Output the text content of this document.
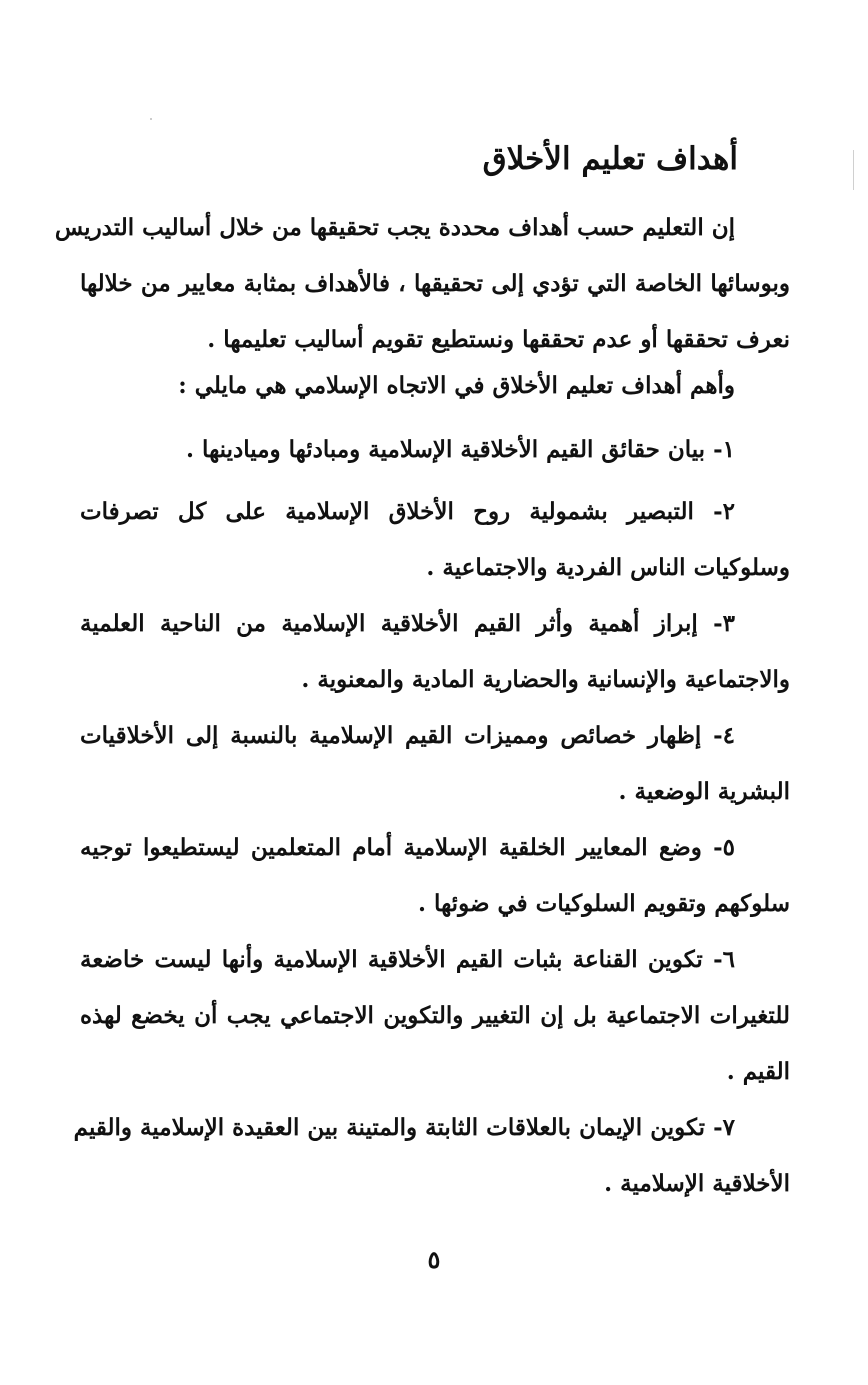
أهداف تعليم الأخلاق
إن التعليم حسب أهداف محددة يجب تحقيقها من خلال أساليب التدريس
وبوسائها الخاصة التي تؤدي إلى تحقيقها ، فالأهداف بمثابة معايير من خلالها
نعرف تحققها أو عدم تحققها ونستطيع تقويم أساليب تعليمها .
وأهم أهداف تعليم الأخلاق في الاتجاه الإسلامي هي مايلي :
١- بيان حقائق القيم الأخلاقية الإسلامية ومبادئها وميادينها .
٢- التبصير بشمولية روح الأخلاق الإسلامية على كل تصرفات
وسلوكيات الناس الفردية والاجتماعية .
٣- إبراز أهمية وأثر القيم الأخلاقية الإسلامية من الناحية العلمية
والاجتماعية والإنسانية والحضارية المادية والمعنوية .
٤- إظهار خصائص ومميزات القيم الإسلامية بالنسبة إلى الأخلاقيات
البشرية الوضعية .
٥- وضع المعايير الخلقية الإسلامية أمام المتعلمين ليستطيعوا توجيه
سلوكهم وتقويم السلوكيات في ضوئها .
٦- تكوين القناعة بثبات القيم الأخلاقية الإسلامية وأنها ليست خاضعة
للتغيرات الاجتماعية بل إن التغيير والتكوين الاجتماعي يجب أن يخضع لهذه
القيم .
٧- تكوين الإيمان بالعلاقات الثابتة والمتينة بين العقيدة الإسلامية والقيم
الأخلاقية الإسلامية .
٥
